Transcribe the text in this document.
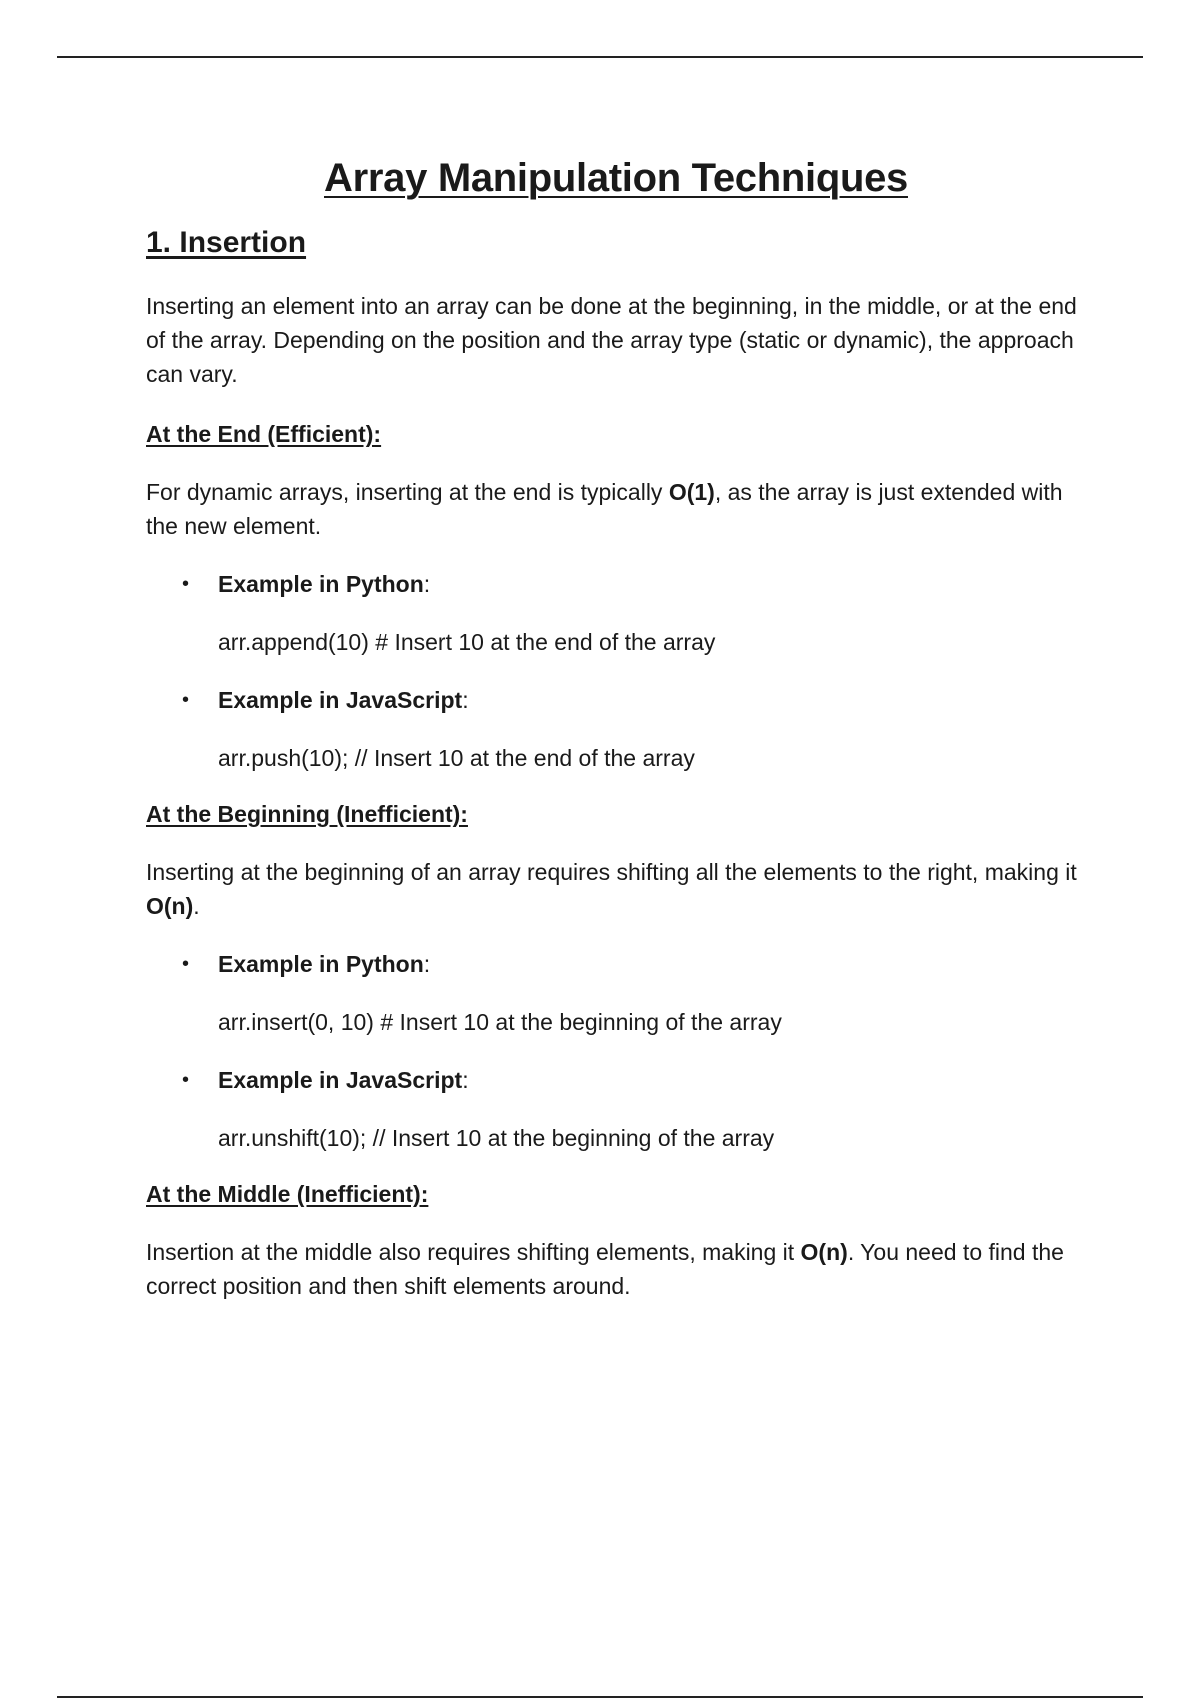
Array Manipulation Techniques
1. Insertion

Inserting an element into an array can be done at the beginning, in the middle, or at the end of the array. Depending on the position and the array type (static or dynamic), the approach can vary.

At the End (Efficient):

For dynamic arrays, inserting at the end is typically O(1), as the array is just extended with the new element.

• Example in Python:
arr.append(10) # Insert 10 at the end of the array
• Example in JavaScript:
arr.push(10); // Insert 10 at the end of the array
At the Beginning (Inefficient):

Inserting at the beginning of an array requires shifting all the elements to the right, making it O(n).

• Example in Python:
arr.insert(0, 10) # Insert 10 at the beginning of the array
• Example in JavaScript:
arr.unshift(10); // Insert 10 at the beginning of the array
At the Middle (Inefficient):

Insertion at the middle also requires shifting elements, making it O(n). You need to find the correct position and then shift elements around.
